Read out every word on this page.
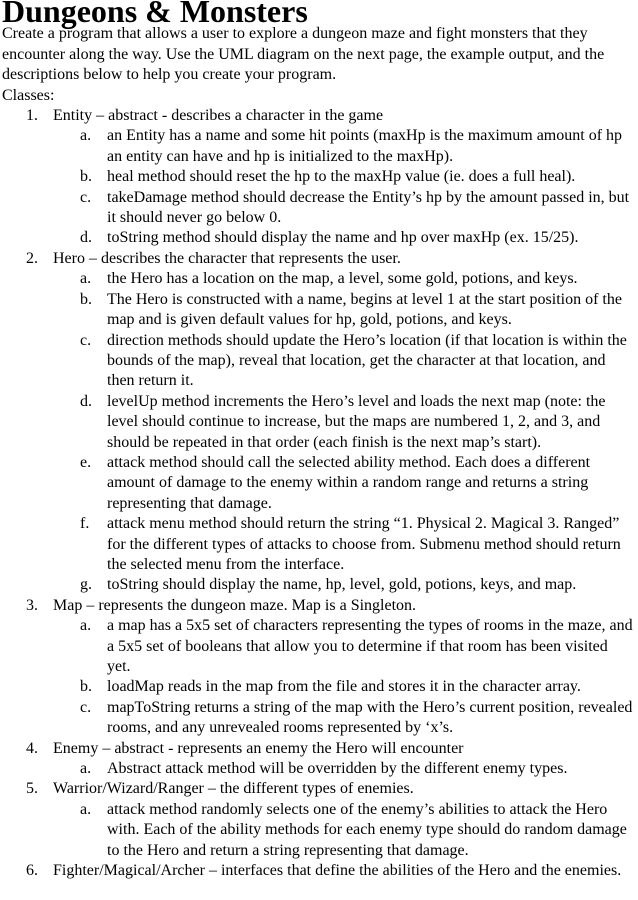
Dungeons & Monsters

Create a program that allows a user to explore a dungeon maze and fight monsters that they encounter along the way. Use the UML diagram on the next page, the example output, and the descriptions below to help you create your program.

Classes:

1. Entity – abstract - describes a character in the game
a. an Entity has a name and some hit points (maxHp is the maximum amount of hp an entity can have and hp is initialized to the maxHp).
b. heal method should reset the hp to the maxHp value (ie. does a full heal).
c. takeDamage method should decrease the Entity’s hp by the amount passed in, but it should never go below 0.
d. toString method should display the name and hp over maxHp (ex. 15/25).
2. Hero – describes the character that represents the user.
a. the Hero has a location on the map, a level, some gold, potions, and keys.
b. The Hero is constructed with a name, begins at level 1 at the start position of the map and is given default values for hp, gold, potions, and keys.
c. direction methods should update the Hero’s location (if that location is within the bounds of the map), reveal that location, get the character at that location, and then return it.
d. levelUp method increments the Hero’s level and loads the next map (note: the level should continue to increase, but the maps are numbered 1, 2, and 3, and should be repeated in that order (each finish is the next map’s start).
e. attack method should call the selected ability method. Each does a different amount of damage to the enemy within a random range and returns a string representing that damage.
f. attack menu method should return the string “1. Physical 2. Magical 3. Ranged” for the different types of attacks to choose from. Submenu method should return the selected menu from the interface.
g. toString should display the name, hp, level, gold, potions, keys, and map.
3. Map – represents the dungeon maze. Map is a Singleton.
a. a map has a 5x5 set of characters representing the types of rooms in the maze, and a 5x5 set of booleans that allow you to determine if that room has been visited yet.
b. loadMap reads in the map from the file and stores it in the character array.
c. mapToString returns a string of the map with the Hero’s current position, revealed rooms, and any unrevealed rooms represented by ‘x’s.
4. Enemy – abstract - represents an enemy the Hero will encounter
a. Abstract attack method will be overridden by the different enemy types.
5. Warrior/Wizard/Ranger – the different types of enemies.
a. attack method randomly selects one of the enemy’s abilities to attack the Hero with. Each of the ability methods for each enemy type should do random damage to the Hero and return a string representing that damage.
6. Fighter/Magical/Archer – interfaces that define the abilities of the Hero and the enemies.
